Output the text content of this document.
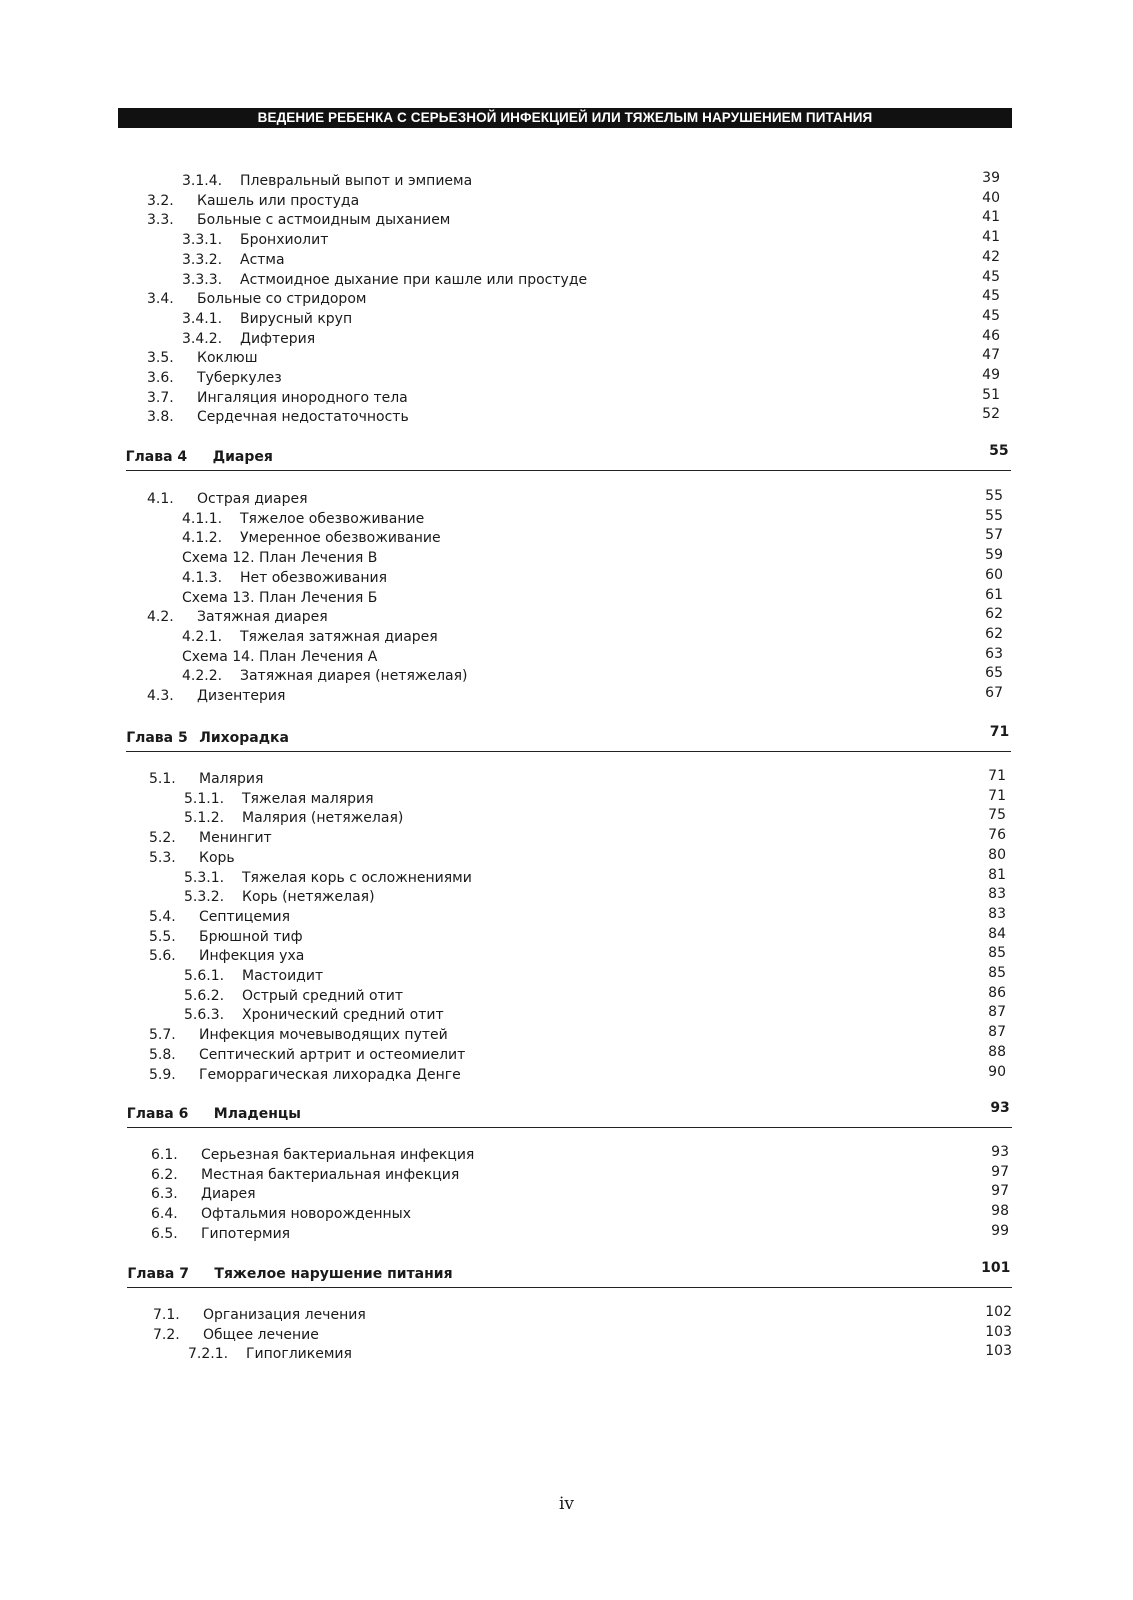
ВЕДЕНИЕ РЕБЕНКА С СЕРЬЕЗНОЙ ИНФЕКЦИЕЙ ИЛИ ТЯЖЕЛЫМ НАРУШЕНИЕМ ПИТАНИЯ
3.1.4. Плевральный выпот и эмпиема	39
3.2. Кашель или простуда	40
3.3. Больные с астмоидным дыханием	41
3.3.1. Бронхиолит	41
3.3.2. Астма	42
3.3.3. Астмоидное дыхание при кашле или простуде	45
3.4. Больные со стридором	45
3.4.1. Вирусный круп	45
3.4.2. Дифтерия	46
3.5. Коклюш	47
3.6. Туберкулез	49
3.7. Ингаляция инородного тела	51
3.8. Сердечная недостаточность	52
Глава 4 Диарея	55
4.1. Острая диарея	55
4.1.1. Тяжелое обезвоживание	55
4.1.2. Умеренное обезвоживание	57
Схема 12. План Лечения В	59
4.1.3. Нет обезвоживания	60
Схема 13. План Лечения Б	61
4.2. Затяжная диарея	62
4.2.1. Тяжелая затяжная диарея	62
Схема 14. План Лечения А	63
4.2.2. Затяжная диарея (нетяжелая)	65
4.3. Дизентерия	67
Глава 5 Лихорадка	71
5.1. Малярия	71
5.1.1. Тяжелая малярия	71
5.1.2. Малярия (нетяжелая)	75
5.2. Менингит	76
5.3. Корь	80
5.3.1. Тяжелая корь с осложнениями	81
5.3.2. Корь (нетяжелая)	83
5.4. Септицемия	83
5.5. Брюшной тиф	84
5.6. Инфекция уха	85
5.6.1. Мастоидит	85
5.6.2. Острый средний отит	86
5.6.3. Хронический средний отит	87
5.7. Инфекция мочевыводящих путей	87
5.8. Септический артрит и остеомиелит	88
5.9. Геморрагическая лихорадка Денге	90
Глава 6 Младенцы	93
6.1. Серьезная бактериальная инфекция	93
6.2. Местная бактериальная инфекция	97
6.3. Диарея	97
6.4. Офтальмия новорожденных	98
6.5. Гипотермия	99
Глава 7 Тяжелое нарушение питания	101
7.1. Организация лечения	102
7.2. Общее лечение	103
7.2.1. Гипогликемия	103
iv
